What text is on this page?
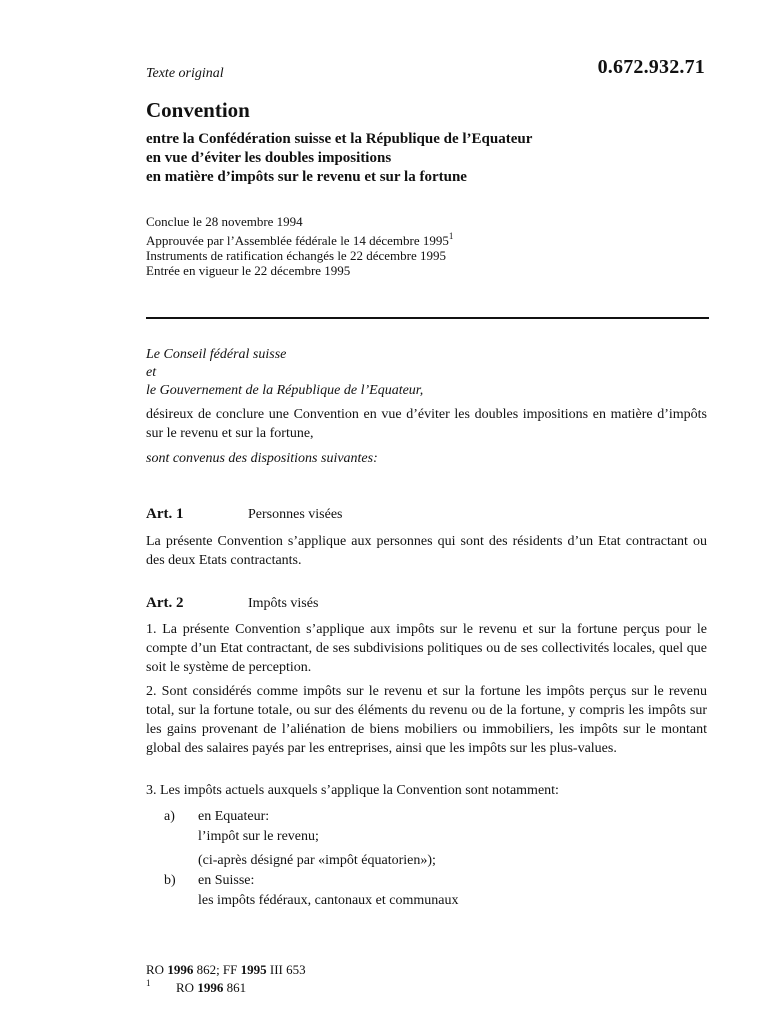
Texte original	0.672.932.71
Convention
entre la Confédération suisse et la République de l’Equateur
en vue d’éviter les doubles impositions
en matière d’impôts sur le revenu et sur la fortune
Conclue le 28 novembre 1994
Approuvée par l’Assemblée fédérale le 14 décembre 1995$^1$
Instruments de ratification échangés le 22 décembre 1995
Entrée en vigueur le 22 décembre 1995
Le Conseil fédéral suisse
et
le Gouvernement de la République de l’Equateur,
désireux de conclure une Convention en vue d’éviter les doubles impositions en matière d’impôts sur le revenu et sur la fortune,
sont convenus des dispositions suivantes:
Art. 1	Personnes visées
La présente Convention s’applique aux personnes qui sont des résidents d’un Etat contractant ou des deux Etats contractants.
Art. 2	Impôts visés
1. La présente Convention s’applique aux impôts sur le revenu et sur la fortune perçus pour le compte d’un Etat contractant, de ses subdivisions politiques ou de ses collectivités locales, quel que soit le système de perception.
2. Sont considérés comme impôts sur le revenu et sur la fortune les impôts perçus sur le revenu total, sur la fortune totale, ou sur des éléments du revenu ou de la fortune, y compris les impôts sur les gains provenant de l’aliénation de biens mobiliers ou immobiliers, les impôts sur le montant global des salaires payés par les entreprises, ainsi que les impôts sur les plus-values.
3. Les impôts actuels auxquels s’applique la Convention sont notamment:
a)	en Equateur:
l’impôt sur le revenu;
(ci-après désigné par «impôt équatorien»);
b)	en Suisse:
les impôts fédéraux, cantonaux et communaux
RO 1996 862; FF 1995 III 653
1 RO 1996 861
